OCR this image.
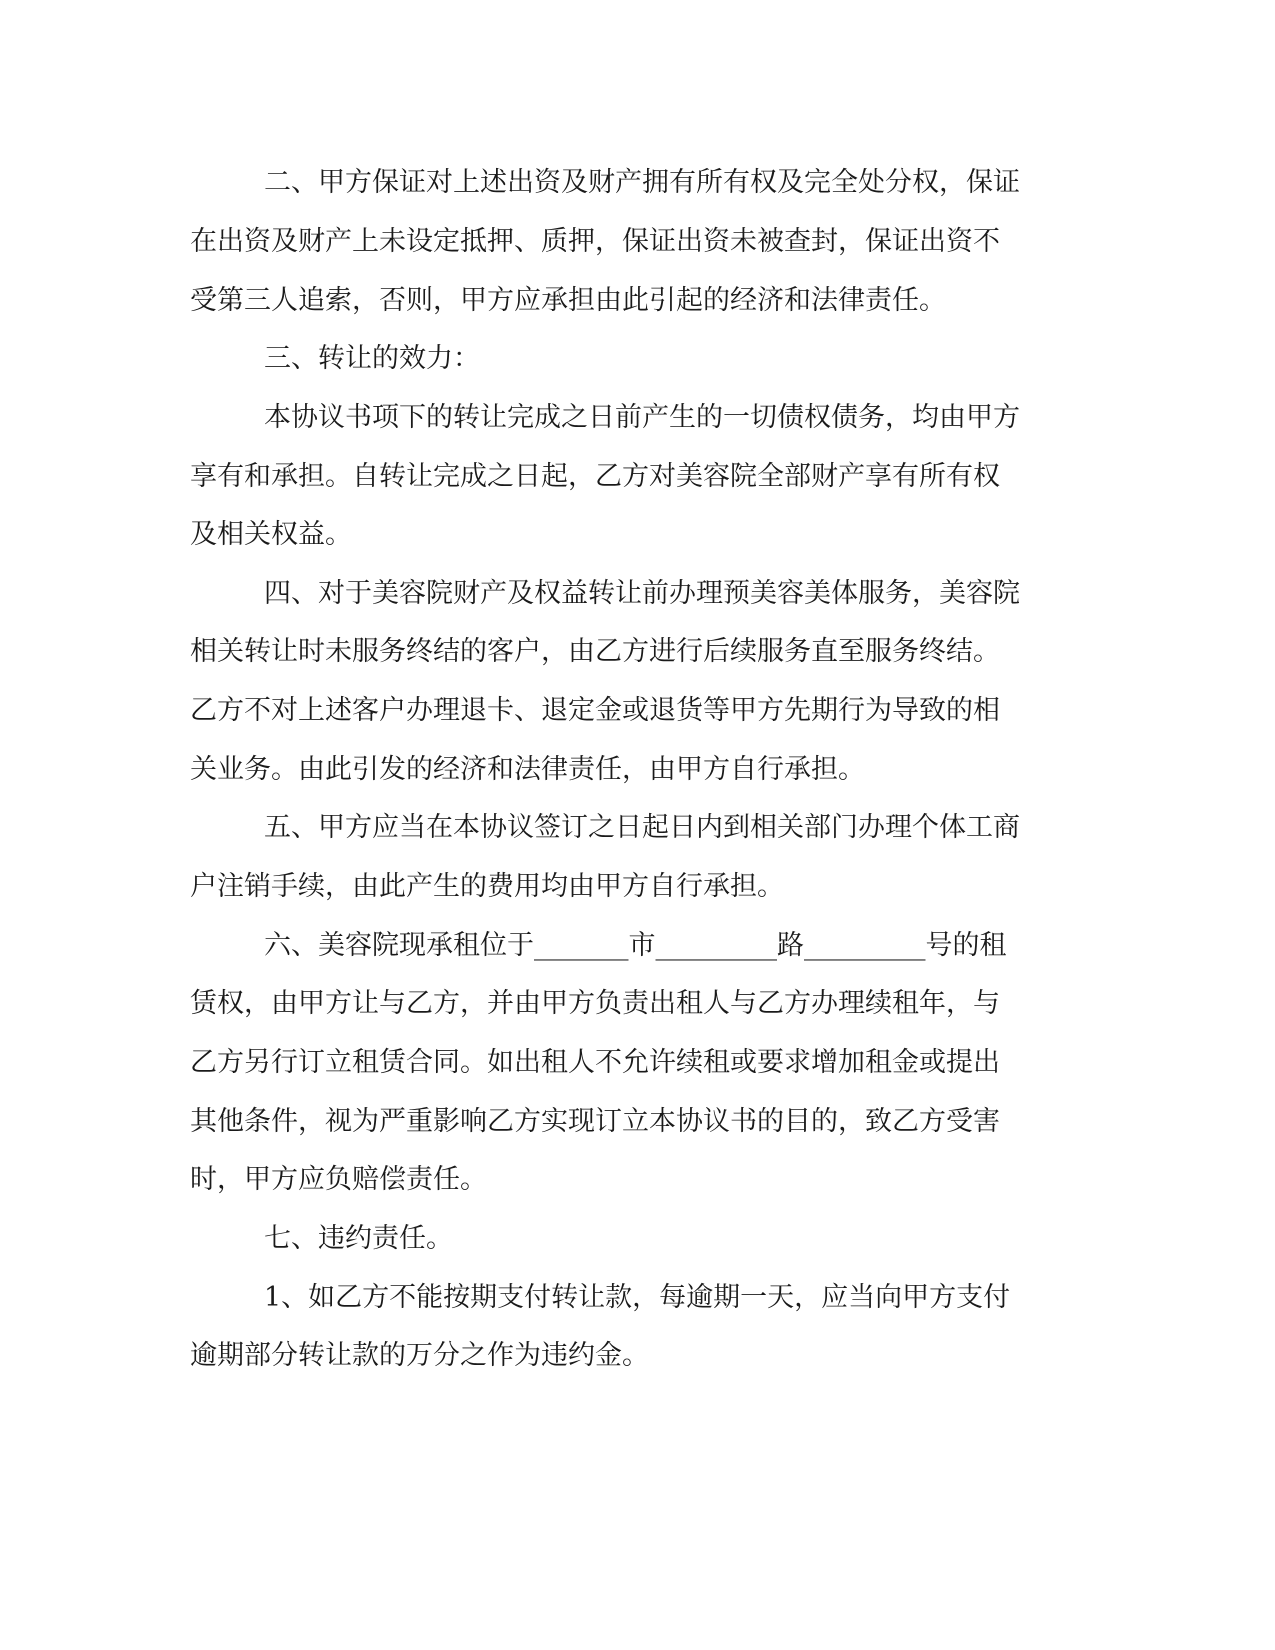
二、甲方保证对上述出资及财产拥有所有权及完全处分权，保证
在出资及财产上未设定抵押、质押，保证出资未被查封，保证出资不
受第三人追索，否则，甲方应承担由此引起的经济和法律责任。
三、转让的效力：
本协议书项下的转让完成之日前产生的一切债权债务，均由甲方
享有和承担。自转让完成之日起，乙方对美容院全部财产享有所有权
及相关权益。
四、对于美容院财产及权益转让前办理预美容美体服务，美容院
相关转让时未服务终结的客户，由乙方进行后续服务直至服务终结。
乙方不对上述客户办理退卡、退定金或退货等甲方先期行为导致的相
关业务。由此引发的经济和法律责任，由甲方自行承担。
五、甲方应当在本协议签订之日起日内到相关部门办理个体工商
户注销手续，由此产生的费用均由甲方自行承担。
六、美容院现承租位于_______市_________路_________号的租
赁权，由甲方让与乙方，并由甲方负责出租人与乙方办理续租年，与
乙方另行订立租赁合同。如出租人不允许续租或要求增加租金或提出
其他条件，视为严重影响乙方实现订立本协议书的目的，致乙方受害
时，甲方应负赔偿责任。
七、违约责任。
1、如乙方不能按期支付转让款，每逾期一天，应当向甲方支付
逾期部分转让款的万分之作为违约金。
